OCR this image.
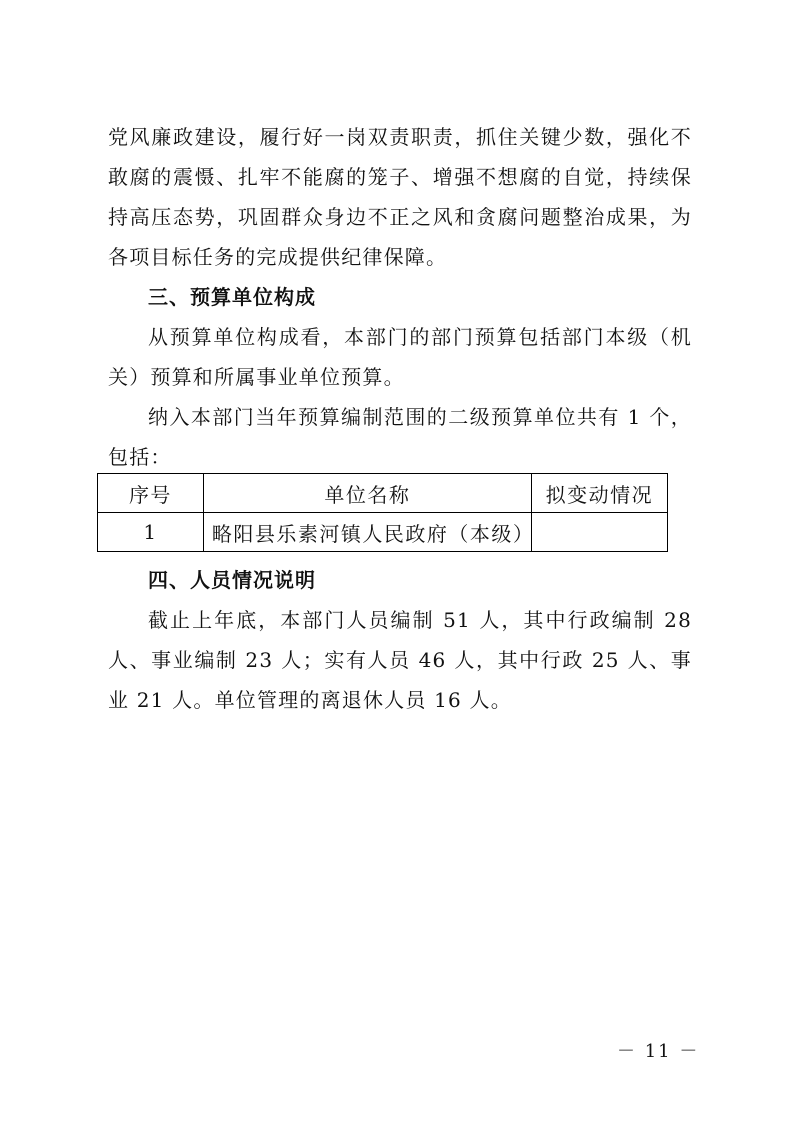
党风廉政建设，履行好一岗双责职责，抓住关键少数，强化不敢腐的震慑、扎牢不能腐的笼子、增强不想腐的自觉，持续保持高压态势，巩固群众身边不正之风和贪腐问题整治成果，为各项目标任务的完成提供纪律保障。

三、预算单位构成

从预算单位构成看，本部门的部门预算包括部门本级（机关）预算和所属事业单位预算。

纳入本部门当年预算编制范围的二级预算单位共有 1 个，包括：

序号	单位名称	拟变动情况
1	略阳县乐素河镇人民政府（本级）	

四、人员情况说明

截止上年底，本部门人员编制 51 人，其中行政编制 28 人、事业编制 23 人；实有人员 46 人，其中行政 25 人、事业 21 人。单位管理的离退休人员 16 人。

－ 11 －
